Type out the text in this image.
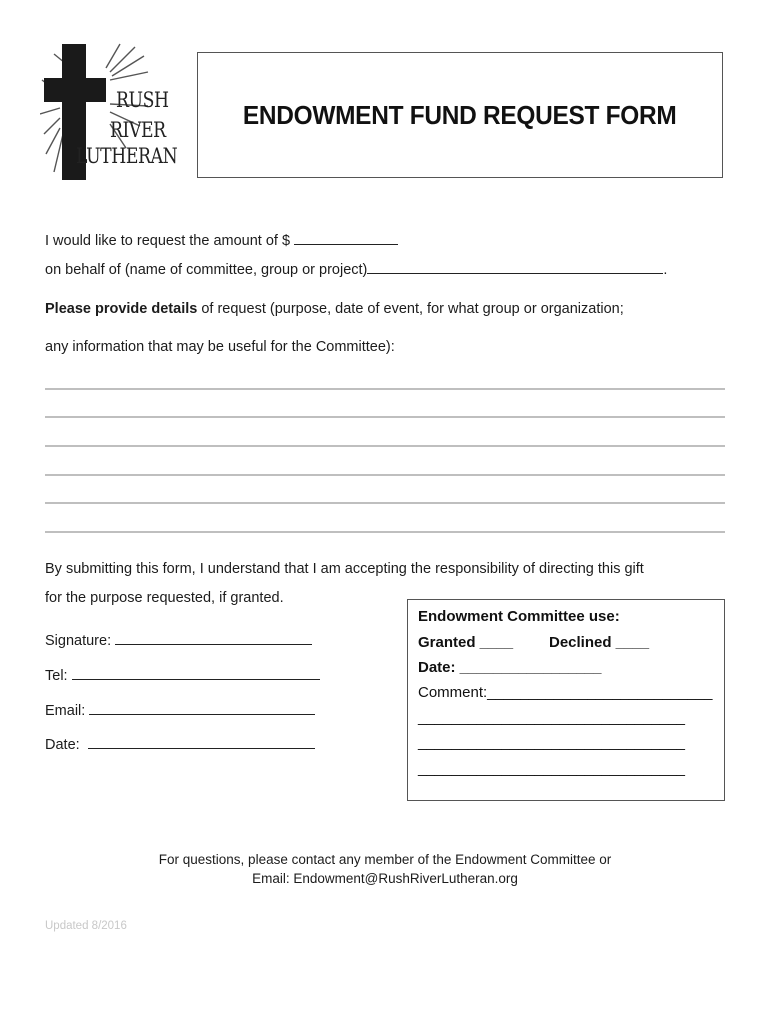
RUSH
RIVER
LUTHERAN
ENDOWMENT FUND REQUEST FORM
I would like to request the amount of $
on behalf of (name of committee, group or project)	.
Please provide details of request (purpose, date of event, for what group or organization;
any information that may be useful for the Committee):
By submitting this form, I understand that I am accepting the responsibility of directing this gift
for the purpose requested, if granted.
Signature:
Tel:
Email:
Date:
Endowment Committee use:
Granted ____ Declined ____
Date: _________________
Comment:___________________________
________________________________
________________________________
________________________________
For questions, please contact any member of the Endowment Committee or
Email: Endowment@RushRiverLutheran.org
Updated 8/2016
